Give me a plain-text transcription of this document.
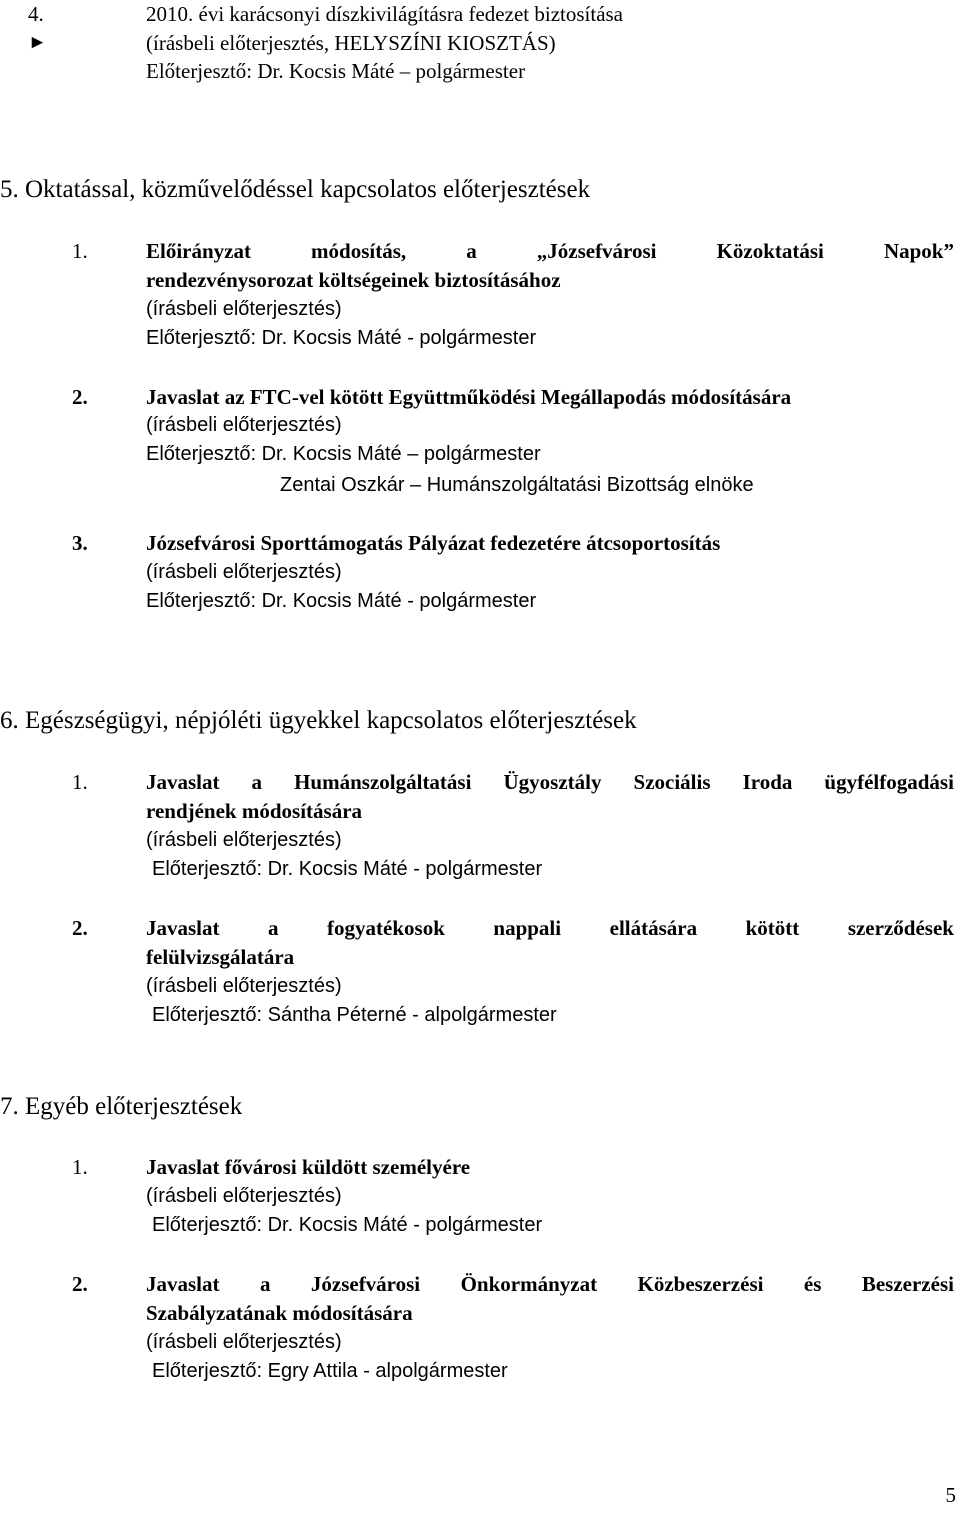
4.	2010. évi karácsonyi díszkivilágításra fedezet biztosítása
►	(írásbeli előterjesztés, HELYSZÍNI KIOSZTÁS)
Előterjesztő: Dr. Kocsis Máté – polgármester
5. Oktatással, közművelődéssel kapcsolatos előterjesztések
1.	Előirányzat	módosítás,	a	„Józsefvárosi	Közoktatási	Napok”
rendezvénysorozat költségeinek biztosításához
(írásbeli előterjesztés)
Előterjesztő: Dr. Kocsis Máté - polgármester
2.	Javaslat az FTC-vel kötött Együttműködési Megállapodás módosítására
(írásbeli előterjesztés)
Előterjesztő: Dr. Kocsis Máté – polgármester
Zentai Oszkár – Humánszolgáltatási Bizottság elnöke
3.	Józsefvárosi Sporttámogatás Pályázat fedezetére átcsoportosítás
(írásbeli előterjesztés)
Előterjesztő: Dr. Kocsis Máté - polgármester
6. Egészségügyi, népjóléti ügyekkel kapcsolatos előterjesztések
1.	Javaslat a Humánszolgáltatási Ügyosztály Szociális Iroda ügyfélfogadási
rendjének módosítására
(írásbeli előterjesztés)
Előterjesztő: Dr. Kocsis Máté - polgármester
2.	Javaslat a fogyatékosok nappali ellátására kötött szerződések
felülvizsgálatára
(írásbeli előterjesztés)
Előterjesztő: Sántha Péterné - alpolgármester
7. Egyéb előterjesztések
1.	Javaslat fővárosi küldött személyére
(írásbeli előterjesztés)
Előterjesztő: Dr. Kocsis Máté - polgármester
2.	Javaslat a Józsefvárosi Önkormányzat Közbeszerzési és Beszerzési
Szabályzatának módosítására
(írásbeli előterjesztés)
Előterjesztő: Egry Attila - alpolgármester
5
